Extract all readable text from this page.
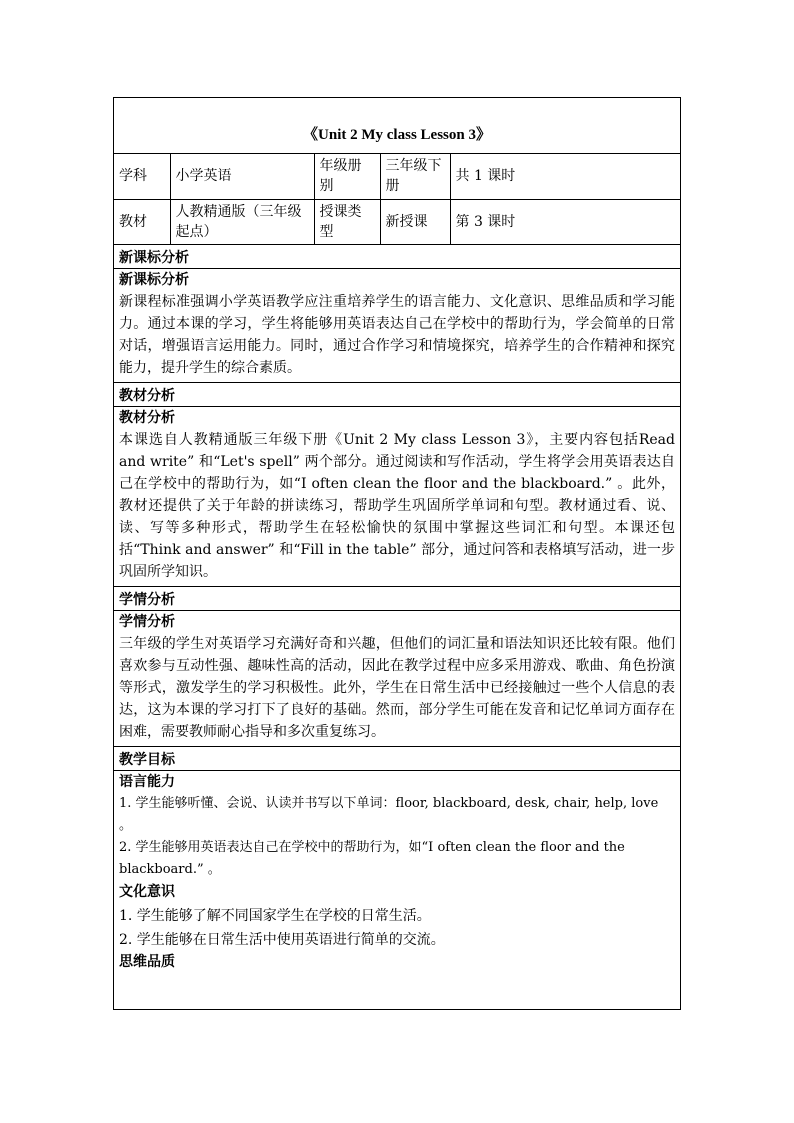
《Unit 2 My class Lesson 3》
学科	小学英语	年级册别	三年级下册	共 1 课时
教材	人教精通版（三年级起点）	授课类型	新授课	第 3 课时
新课标分析
新课标分析
新课程标准强调小学英语教学应注重培养学生的语言能力、文化意识、思维品质和学习能力。通过本课的学习，学生将能够用英语表达自己在学校中的帮助行为，学会简单的日常对话，增强语言运用能力。同时，通过合作学习和情境探究，培养学生的合作精神和探究能力，提升学生的综合素质。
教材分析
教材分析
本课选自人教精通版三年级下册《Unit 2 My class Lesson 3》，主要内容包括Read and write” 和“Let's spell” 两个部分。通过阅读和写作活动，学生将学会用英语表达自己在学校中的帮助行为，如“I often clean the floor and the blackboard.” 。此外，教材还提供了关于年龄的拼读练习，帮助学生巩固所学单词和句型。教材通过看、说、读、写等多种形式，帮助学生在轻松愉快的氛围中掌握这些词汇和句型。本课还包括“Think and answer” 和“Fill in the table” 部分，通过问答和表格填写活动，进一步巩固所学知识。
学情分析
学情分析
三年级的学生对英语学习充满好奇和兴趣，但他们的词汇量和语法知识还比较有限。他们喜欢参与互动性强、趣味性高的活动，因此在教学过程中应多采用游戏、歌曲、角色扮演等形式，激发学生的学习积极性。此外，学生在日常生活中已经接触过一些个人信息的表达，这为本课的学习打下了良好的基础。然而，部分学生可能在发音和记忆单词方面存在困难，需要教师耐心指导和多次重复练习。
教学目标
语言能力
1. 学生能够听懂、会说、认读并书写以下单词：floor, blackboard, desk, chair, help, love 。
2. 学生能够用英语表达自己在学校中的帮助行为，如“I often clean the floor and the blackboard.” 。
文化意识
1. 学生能够了解不同国家学生在学校的日常生活。
2. 学生能够在日常生活中使用英语进行简单的交流。
思维品质
